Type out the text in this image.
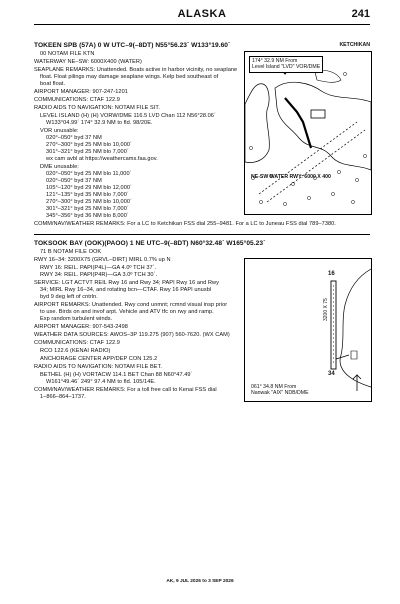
ALASKA	241
KETCHIKAN
TOKEEN SPB (57A) 0 W UTC–9(–8DT) N55°56.23´ W133°19.60´
00 NOTAM FILE KTN
WATERWAY NE–SW: 6000X400 (WATER)
SEAPLANE REMARKS: Unattended. Boats active in harbor vicinity, no seaplane
float. Float pilings may damage seaplane wings. Kelp bed southeast of
boat float.
AIRPORT MANAGER: 907-247-1201
COMMUNICATIONS: CTAF 122.9
RADIO AIDS TO NAVIGATION: NOTAM FILE SIT.
LEVEL ISLAND (H) (H) VORW/DME 116.5 LVD Chan 112 N56°28.06´
W133°04.99´ 174° 32.9 NM to fld. 98/20E.
VOR unusable:
020°–050° byd 37 NM
270°–300° byd 25 NM blo 10,000´
301°–321° byd 25 NM blo 7,000´
wx cam avbl at https://weathercams.faa.gov.
DME unusable:
020°–050° byd 25 NM blo 11,000´
020°–050° byd 37 NM
105°–120° byd 29 NM blo 12,000´
121°–135° byd 35 NM blo 7,000´
270°–300° byd 25 NM blo 10,000´
301°–321° byd 25 NM blo 7,000´
345°–356° byd 36 NM blo 8,000´
COMM/NAV/WEATHER REMARKS: For a LC to Ketchikan FSS dial 255–9481. For a LC to Juneau FSS dial 789–7380.
174° 32.9 NM From
Level Island "LVD" VOR/DME
NE-SW WATER RWY: 6000 X 400
TOKSOOK BAY (OOK)(PAOO) 1 NE UTC–9(–8DT) N60°32.48´ W165°05.23´
71 B NOTAM FILE OOK
RWY 16–34: 3200X75 (GRVL–DIRT) MIRL 0.7% up N
RWY 16: REIL. PAPI(P4L)—GA 4.0º TCH 37´.
RWY 34: REIL. PAPI(P4R)—GA 3.0º TCH 30´.
SERVICE: LGT ACTVT REIL Rwy 16 and Rwy 34; PAPI Rwy 16 and Rwy
34; MIRL Rwy 16–34, and rotating bcn—CTAF. Rwy 16 PAPI unusbl
byd 9 deg left of cntrln.
AIRPORT REMARKS: Unattended. Rwy cond unmnt; rcmnd visual insp prior
to use. Birds on and invof arpt. Vehicle and ATV tfc on rwy and ramp.
Exp random turbulent winds.
AIRPORT MANAGER: 907-543-2498
WEATHER DATA SOURCES: AWOS–3P 119.275 (907) 560-7620. (WX CAM)
COMMUNICATIONS: CTAF 122.9
RCO 122.6 (KENAI RADIO)
ANCHORAGE CENTER APP/DEP CON 125.2
RADIO AIDS TO NAVIGATION: NOTAM FILE BET.
BETHEL (H) (H) VORTACW 114.1 BET Chan 88 N60°47.49´
W161°49.46´ 249° 97.4 NM to fld. 105/14E.
COMM/NAV/WEATHER REMARKS: For a toll free call to Kenai FSS dial
1–866–864–1737.
3200 X 75
16
34
061° 34.8 NM From
Nanwak "AIX" NDB/DME
AK, 9 JUL 2026 to 3 SEP 2026
